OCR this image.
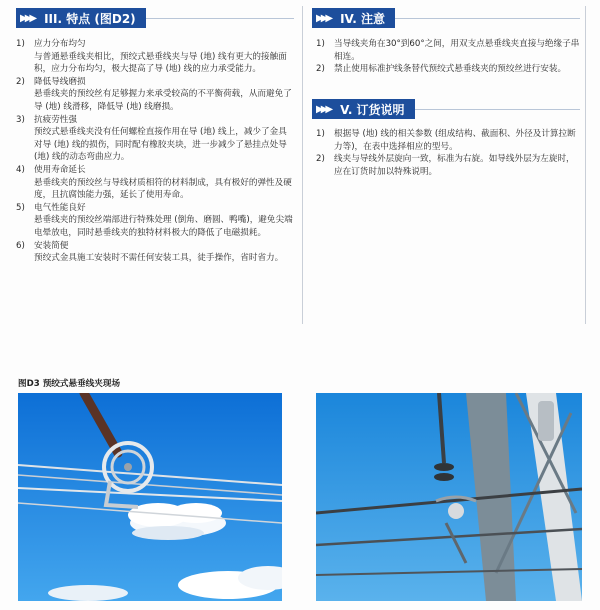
▶▶▶ III. 特点 (图D2)
1) 应力分布均匀
与普通悬垂线夹相比，预绞式悬垂线夹与导 (地) 线有更大的接触面积，应力分布均匀，极大提高了导 (地) 线的应力承受能力。
2) 降低导线磨损
悬垂线夹的预绞丝有足够握力来承受较高的不平衡荷载，从而避免了导 (地) 线滑移，降低导 (地) 线磨损。
3) 抗疲劳性强
预绞式悬垂线夹没有任何螺栓直接作用在导 (地) 线上，减少了金具对导 (地) 线的损伤，同时配有橡胶夹块，进一步减少了悬挂点处导 (地) 线的动态弯曲应力。
4) 使用寿命延长
悬垂线夹的预绞丝与导线材质相符的材料制成，具有极好的弹性及硬度，且抗腐蚀能力强，延长了使用寿命。
5) 电气性能良好
悬垂线夹的预绞丝端部进行特殊处理 (倒角、磨圆、鸭嘴)，避免尖端电晕放电，同时悬垂线夹的独特材料极大的降低了电磁损耗。
6) 安装简便
预绞式金具施工安装时不需任何安装工具，徒手操作，省时省力。
▶▶▶ IV. 注意
1) 当导线夹角在30°到60°之间，用双支点悬垂线夹直接与绝缘子串相连。
2) 禁止使用标准护线条替代预绞式悬垂线夹的预绞丝进行安装。
▶▶▶ V. 订货说明
1) 根据导 (地) 线的相关参数 (组成结构、截面积、外径及计算拉断力等)，在表中选择相应的型号。
2) 线夹与导线外层旋向一致，标准为右旋。如导线外层为左旋时，应在订货时加以特殊说明。
图D3 预绞式悬垂线夹现场
